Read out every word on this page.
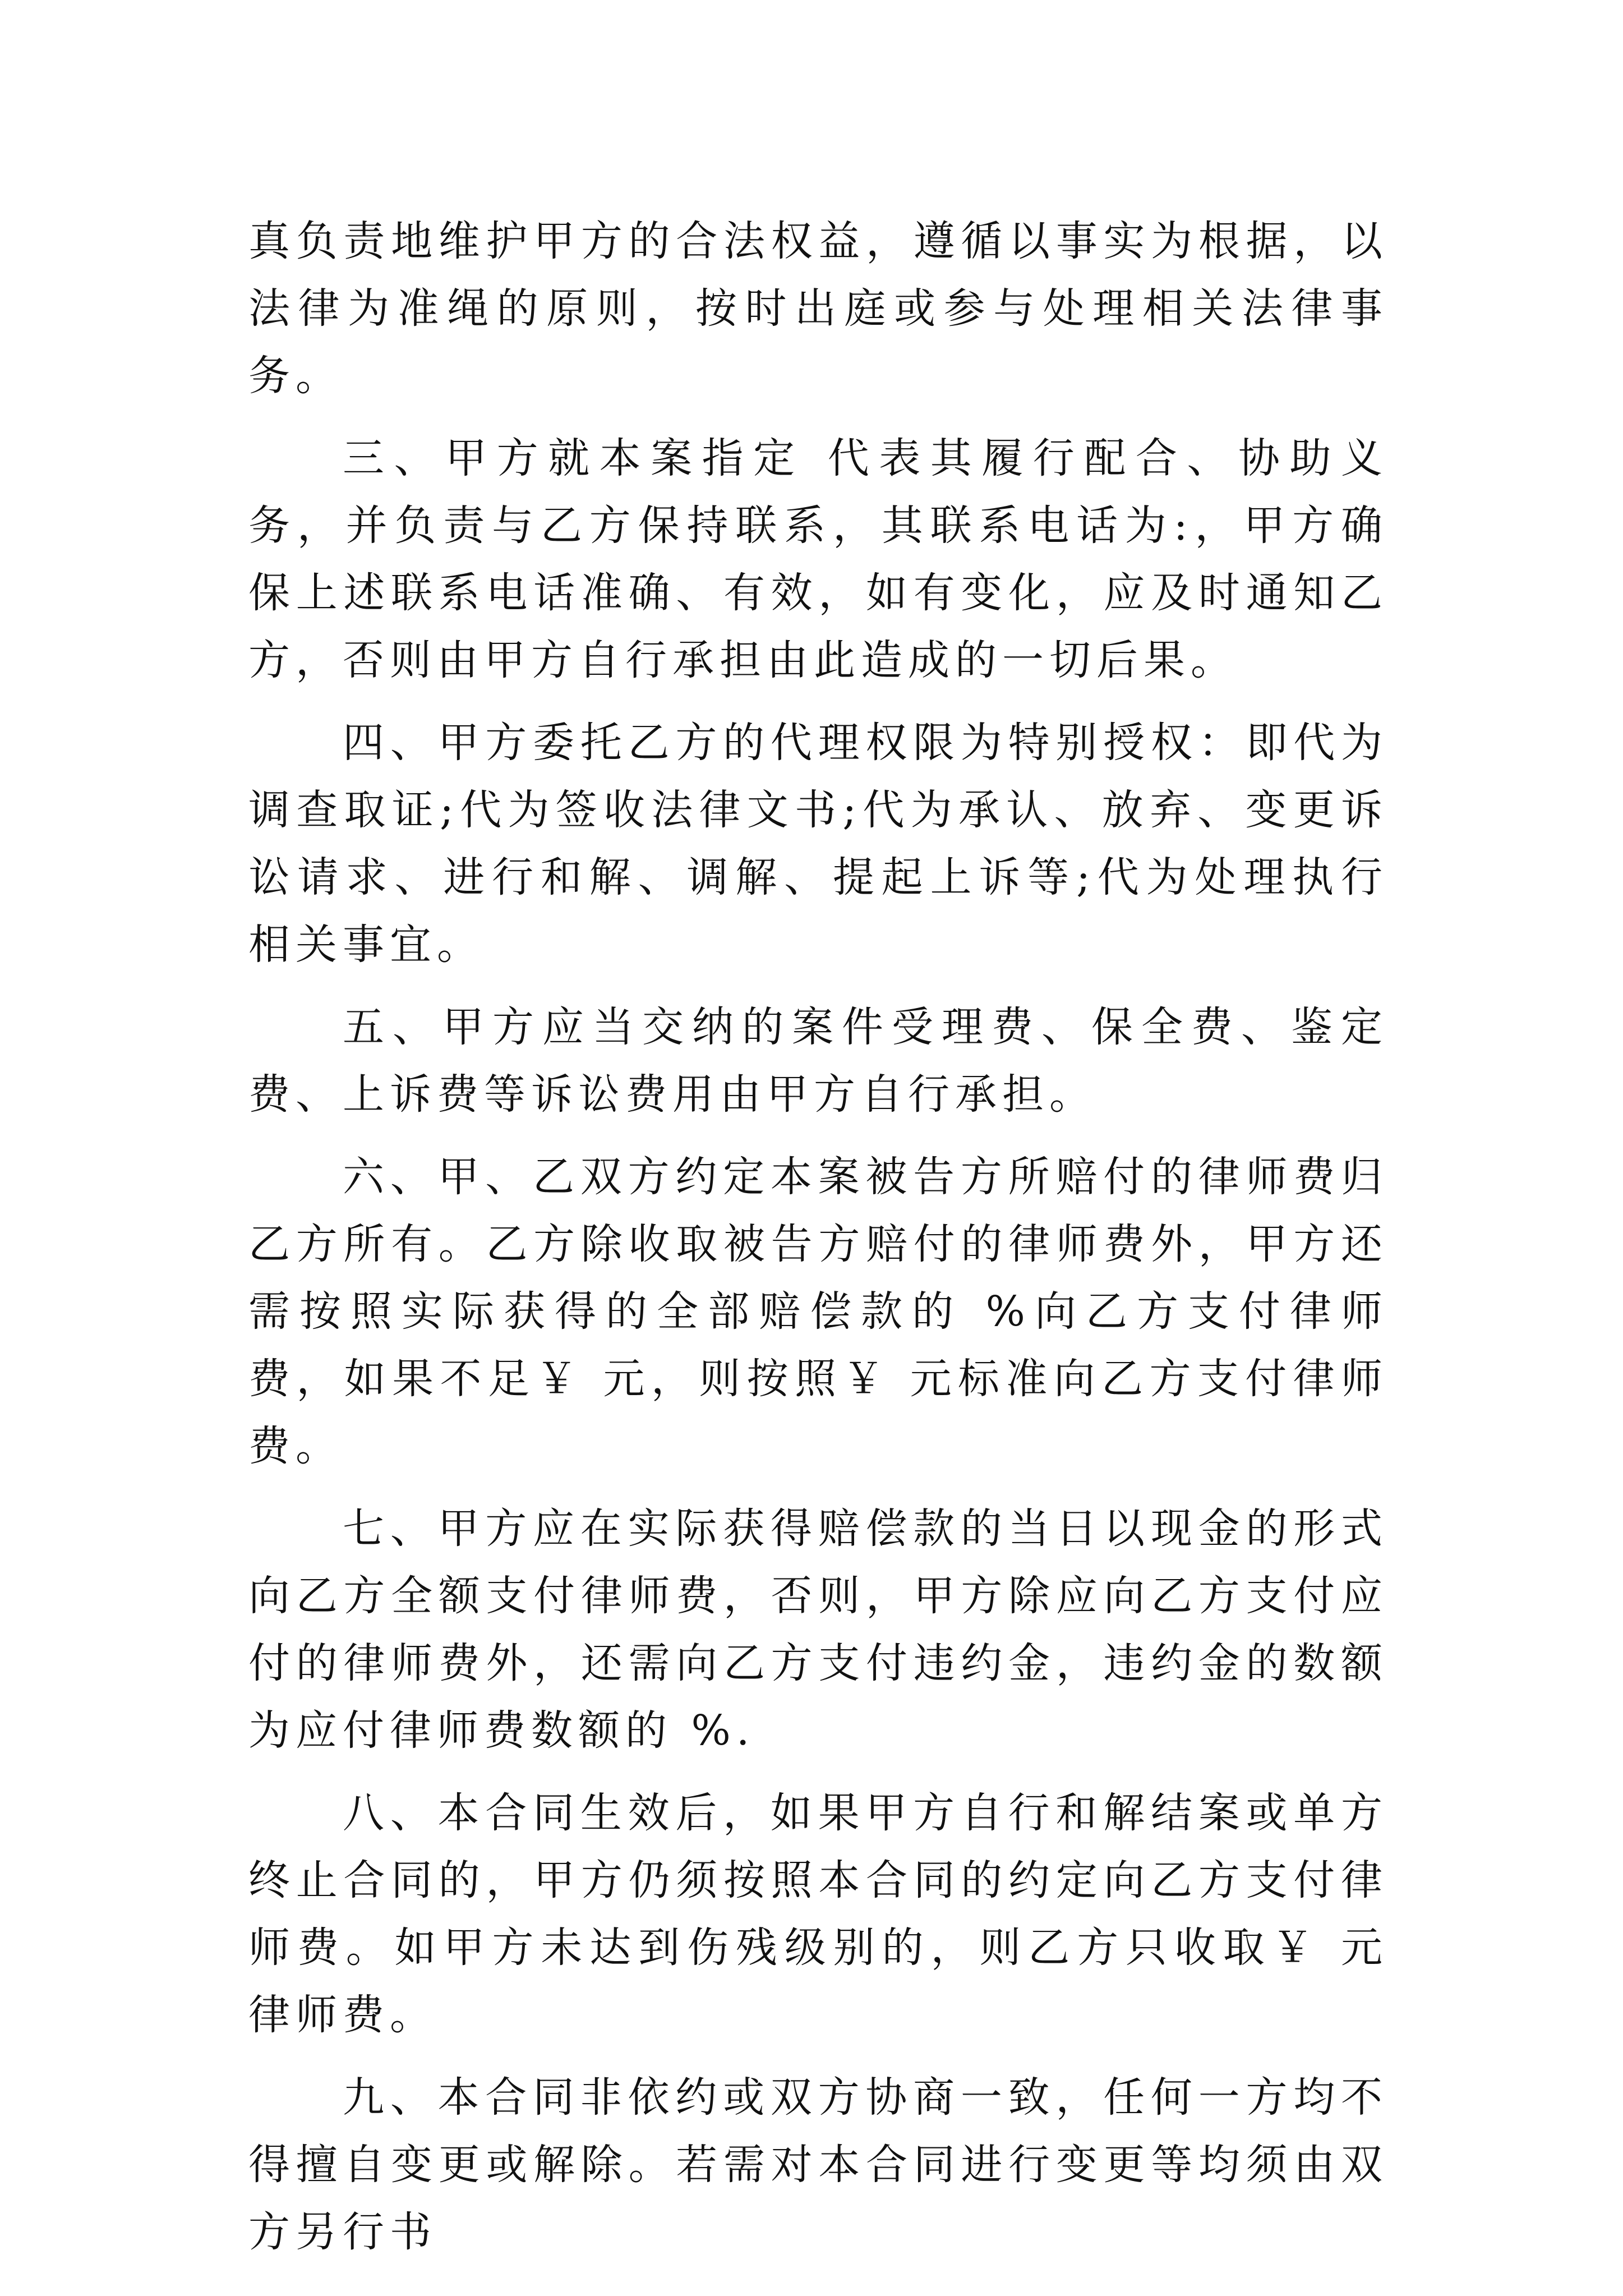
真负责地维护甲方的合法权益，遵循以事实为根据，以法律为准绳的原则，按时出庭或参与处理相关法律事务。

三、甲方就本案指定 代表其履行配合、协助义务，并负责与乙方保持联系，其联系电话为:，甲方确保上述联系电话准确、有效，如有变化，应及时通知乙方，否则由甲方自行承担由此造成的一切后果。

四、甲方委托乙方的代理权限为特别授权：即代为调查取证;代为签收法律文书;代为承认、放弃、变更诉讼请求、进行和解、调解、提起上诉等;代为处理执行相关事宜。

五、甲方应当交纳的案件受理费、保全费、鉴定费、上诉费等诉讼费用由甲方自行承担。

六、甲、乙双方约定本案被告方所赔付的律师费归乙方所有。乙方除收取被告方赔付的律师费外，甲方还需按照实际获得的全部赔偿款的 %向乙方支付律师费，如果不足￥ 元，则按照￥ 元标准向乙方支付律师费。

七、甲方应在实际获得赔偿款的当日以现金的形式向乙方全额支付律师费，否则，甲方除应向乙方支付应付的律师费外，还需向乙方支付违约金，违约金的数额为应付律师费数额的 %.

八、本合同生效后，如果甲方自行和解结案或单方终止合同的，甲方仍须按照本合同的约定向乙方支付律师费。如甲方未达到伤残级别的，则乙方只收取￥ 元律师费。

九、本合同非依约或双方协商一致，任何一方均不得擅自变更或解除。若需对本合同进行变更等均须由双方另行书
